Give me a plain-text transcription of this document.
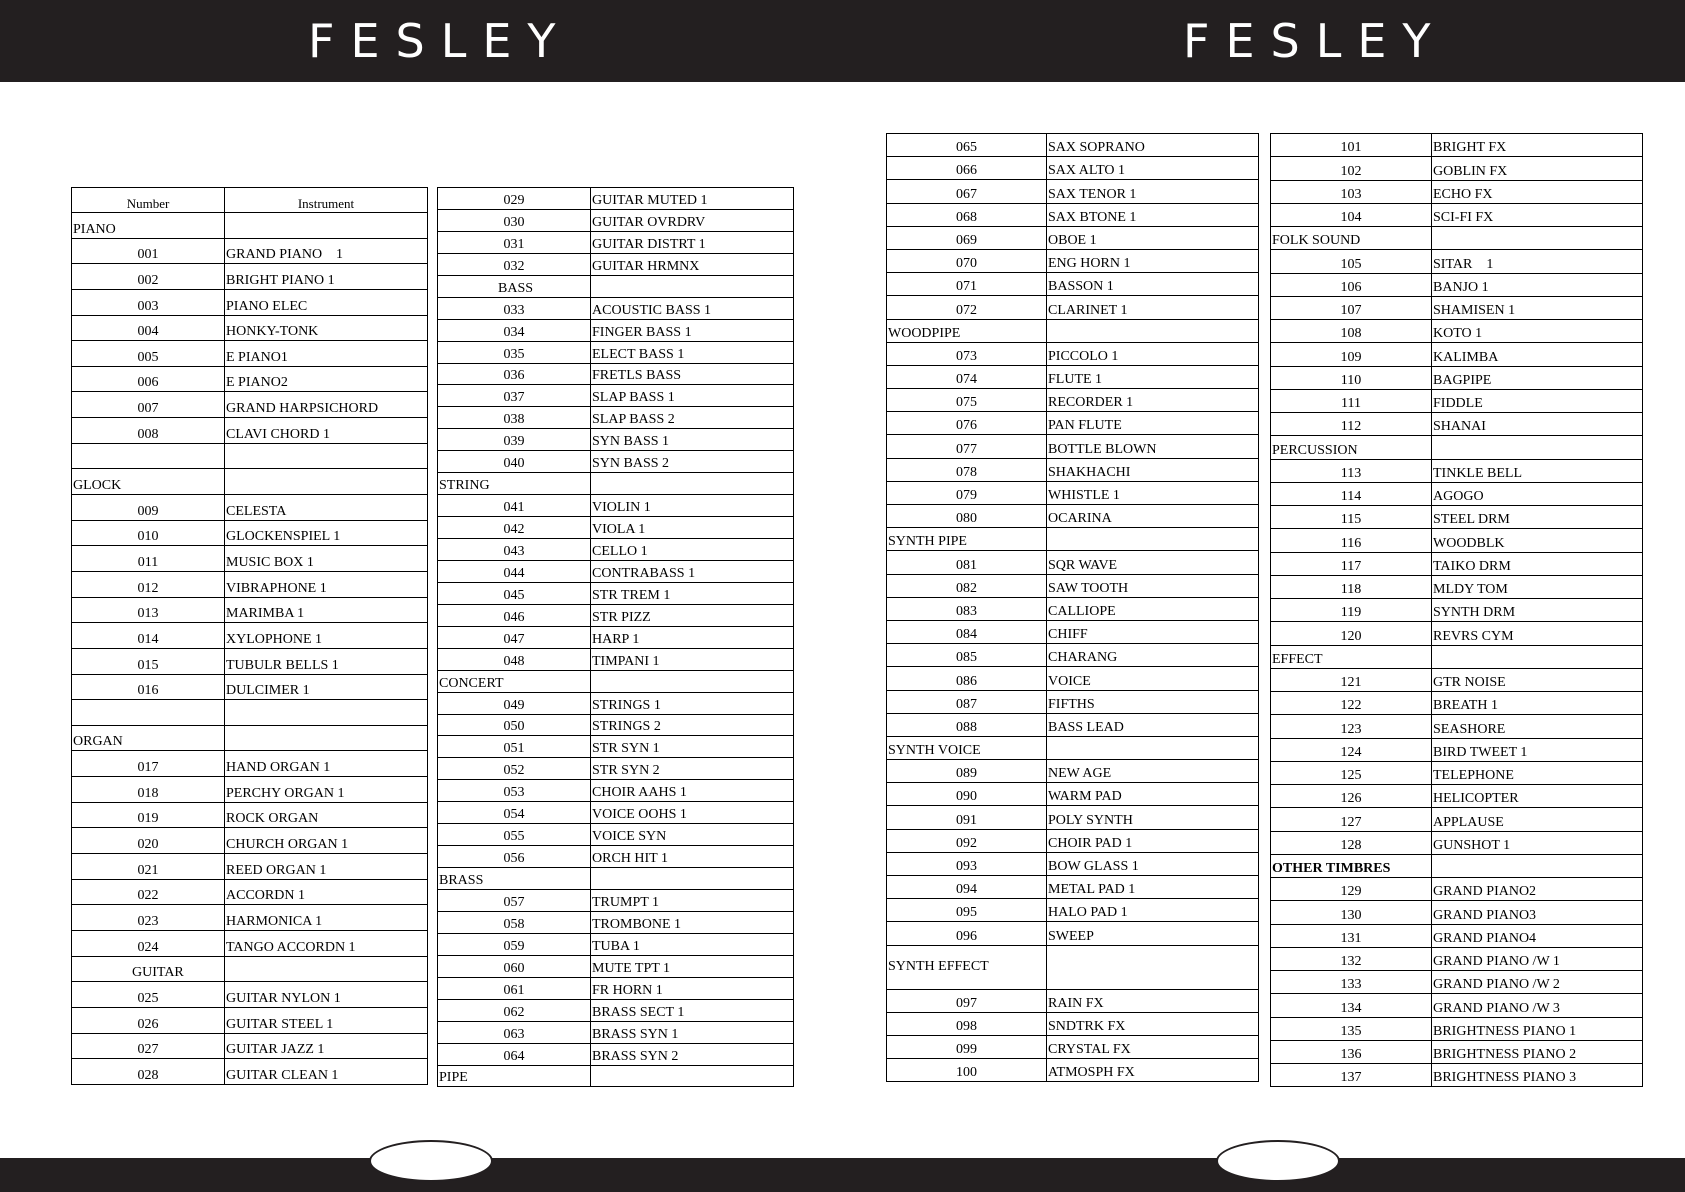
FESLEY	FESLEY
Number	Instrument
PIANO	
001	GRAND PIANO　1
002	BRIGHT PIANO 1
003	PIANO ELEC
004	HONKY-TONK
005	E PIANO1
006	E PIANO2
007	GRAND HARPSICHORD
008	CLAVI CHORD 1

GLOCK	
009	CELESTA
010	GLOCKENSPIEL 1
011	MUSIC BOX 1
012	VIBRAPHONE 1
013	MARIMBA 1
014	XYLOPHONE 1
015	TUBULR BELLS 1
016	DULCIMER 1

ORGAN	
017	HAND ORGAN 1
018	PERCHY ORGAN 1
019	ROCK ORGAN
020	CHURCH ORGAN 1
021	REED ORGAN 1
022	ACCORDN 1
023	HARMONICA 1
024	TANGO ACCORDN 1
GUITAR	
025	GUITAR NYLON 1
026	GUITAR STEEL 1
027	GUITAR JAZZ 1
028	GUITAR CLEAN 1
029	GUITAR MUTED 1
030	GUITAR OVRDRV
031	GUITAR DISTRT 1
032	GUITAR HRMNX
BASS	
033	ACOUSTIC BASS 1
034	FINGER BASS 1
035	ELECT BASS 1
036	FRETLS BASS
037	SLAP BASS 1
038	SLAP BASS 2
039	SYN BASS 1
040	SYN BASS 2
STRING	
041	VIOLIN 1
042	VIOLA 1
043	CELLO 1
044	CONTRABASS 1
045	STR TREM 1
046	STR PIZZ
047	HARP 1
048	TIMPANI 1
CONCERT	
049	STRINGS 1
050	STRINGS 2
051	STR SYN 1
052	STR SYN 2
053	CHOIR AAHS 1
054	VOICE OOHS 1
055	VOICE SYN
056	ORCH HIT 1
BRASS	
057	TRUMPT 1
058	TROMBONE 1
059	TUBA 1
060	MUTE TPT 1
061	FR HORN 1
062	BRASS SECT 1
063	BRASS SYN 1
064	BRASS SYN 2
PIPE	
065	SAX SOPRANO
066	SAX ALTO 1
067	SAX TENOR 1
068	SAX BTONE 1
069	OBOE 1
070	ENG HORN 1
071	BASSON 1
072	CLARINET 1
WOODPIPE	
073	PICCOLO 1
074	FLUTE 1
075	RECORDER 1
076	PAN FLUTE
077	BOTTLE BLOWN
078	SHAKHACHI
079	WHISTLE 1
080	OCARINA
SYNTH PIPE	
081	SQR WAVE
082	SAW TOOTH
083	CALLIOPE
084	CHIFF
085	CHARANG
086	VOICE
087	FIFTHS
088	BASS LEAD
SYNTH VOICE	
089	NEW AGE
090	WARM PAD
091	POLY SYNTH
092	CHOIR PAD 1
093	BOW GLASS 1
094	METAL PAD 1
095	HALO PAD 1
096	SWEEP
SYNTH EFFECT	
097	RAIN FX
098	SNDTRK FX
099	CRYSTAL FX
100	ATMOSPH FX
101	BRIGHT FX
102	GOBLIN FX
103	ECHO FX
104	SCI-FI FX
FOLK SOUND	
105	SITAR　1
106	BANJO 1
107	SHAMISEN 1
108	KOTO 1
109	KALIMBA
110	BAGPIPE
111	FIDDLE
112	SHANAI
PERCUSSION	
113	TINKLE BELL
114	AGOGO
115	STEEL DRM
116	WOODBLK
117	TAIKO DRM
118	MLDY TOM
119	SYNTH DRM
120	REVRS CYM
EFFECT	
121	GTR NOISE
122	BREATH 1
123	SEASHORE
124	BIRD TWEET 1
125	TELEPHONE
126	HELICOPTER
127	APPLAUSE
128	GUNSHOT 1
OTHER TIMBRES	
129	GRAND PIANO2
130	GRAND PIANO3
131	GRAND PIANO4
132	GRAND PIANO /W 1
133	GRAND PIANO /W 2
134	GRAND PIANO /W 3
135	BRIGHTNESS PIANO 1
136	BRIGHTNESS PIANO 2
137	BRIGHTNESS PIANO 3
